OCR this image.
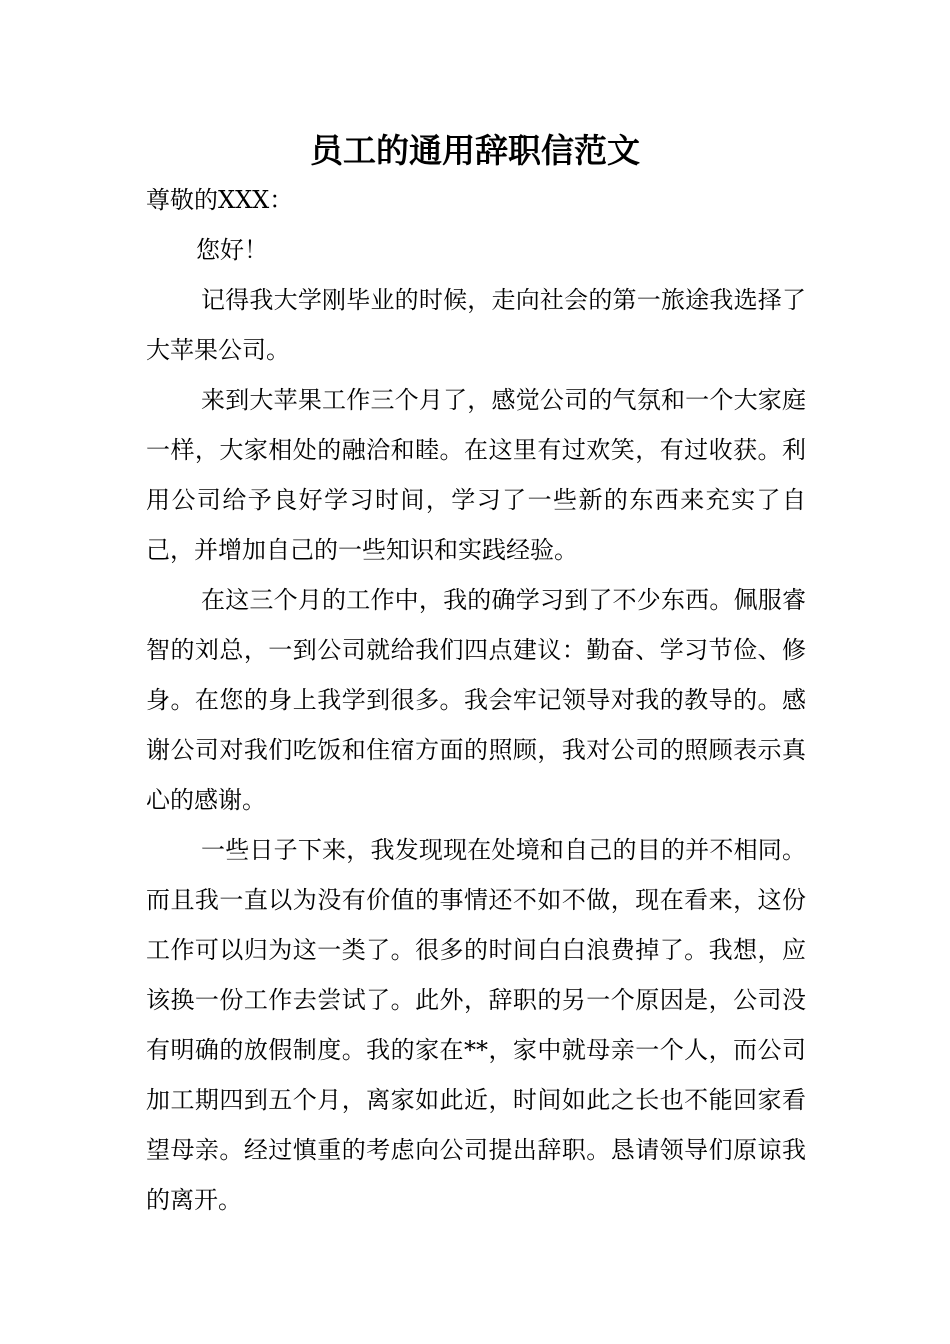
员工的通用辞职信范文

尊敬的XXX：

您好！

记得我大学刚毕业的时候，走向社会的第一旅途我选择了大苹果公司。

来到大苹果工作三个月了，感觉公司的气氛和一个大家庭一样，大家相处的融洽和睦。在这里有过欢笑，有过收获。利用公司给予良好学习时间，学习了一些新的东西来充实了自己，并增加自己的一些知识和实践经验。

在这三个月的工作中，我的确学习到了不少东西。佩服睿智的刘总，一到公司就给我们四点建议：勤奋、学习节俭、修身。在您的身上我学到很多。我会牢记领导对我的教导的。感谢公司对我们吃饭和住宿方面的照顾，我对公司的照顾表示真心的感谢。

一些日子下来，我发现现在处境和自己的目的并不相同。而且我一直以为没有价值的事情还不如不做，现在看来，这份工作可以归为这一类了。很多的时间白白浪费掉了。我想，应该换一份工作去尝试了。此外，辞职的另一个原因是，公司没有明确的放假制度。我的家在**，家中就母亲一个人，而公司加工期四到五个月，离家如此近，时间如此之长也不能回家看望母亲。经过慎重的考虑向公司提出辞职。恳请领导们原谅我的离开。
